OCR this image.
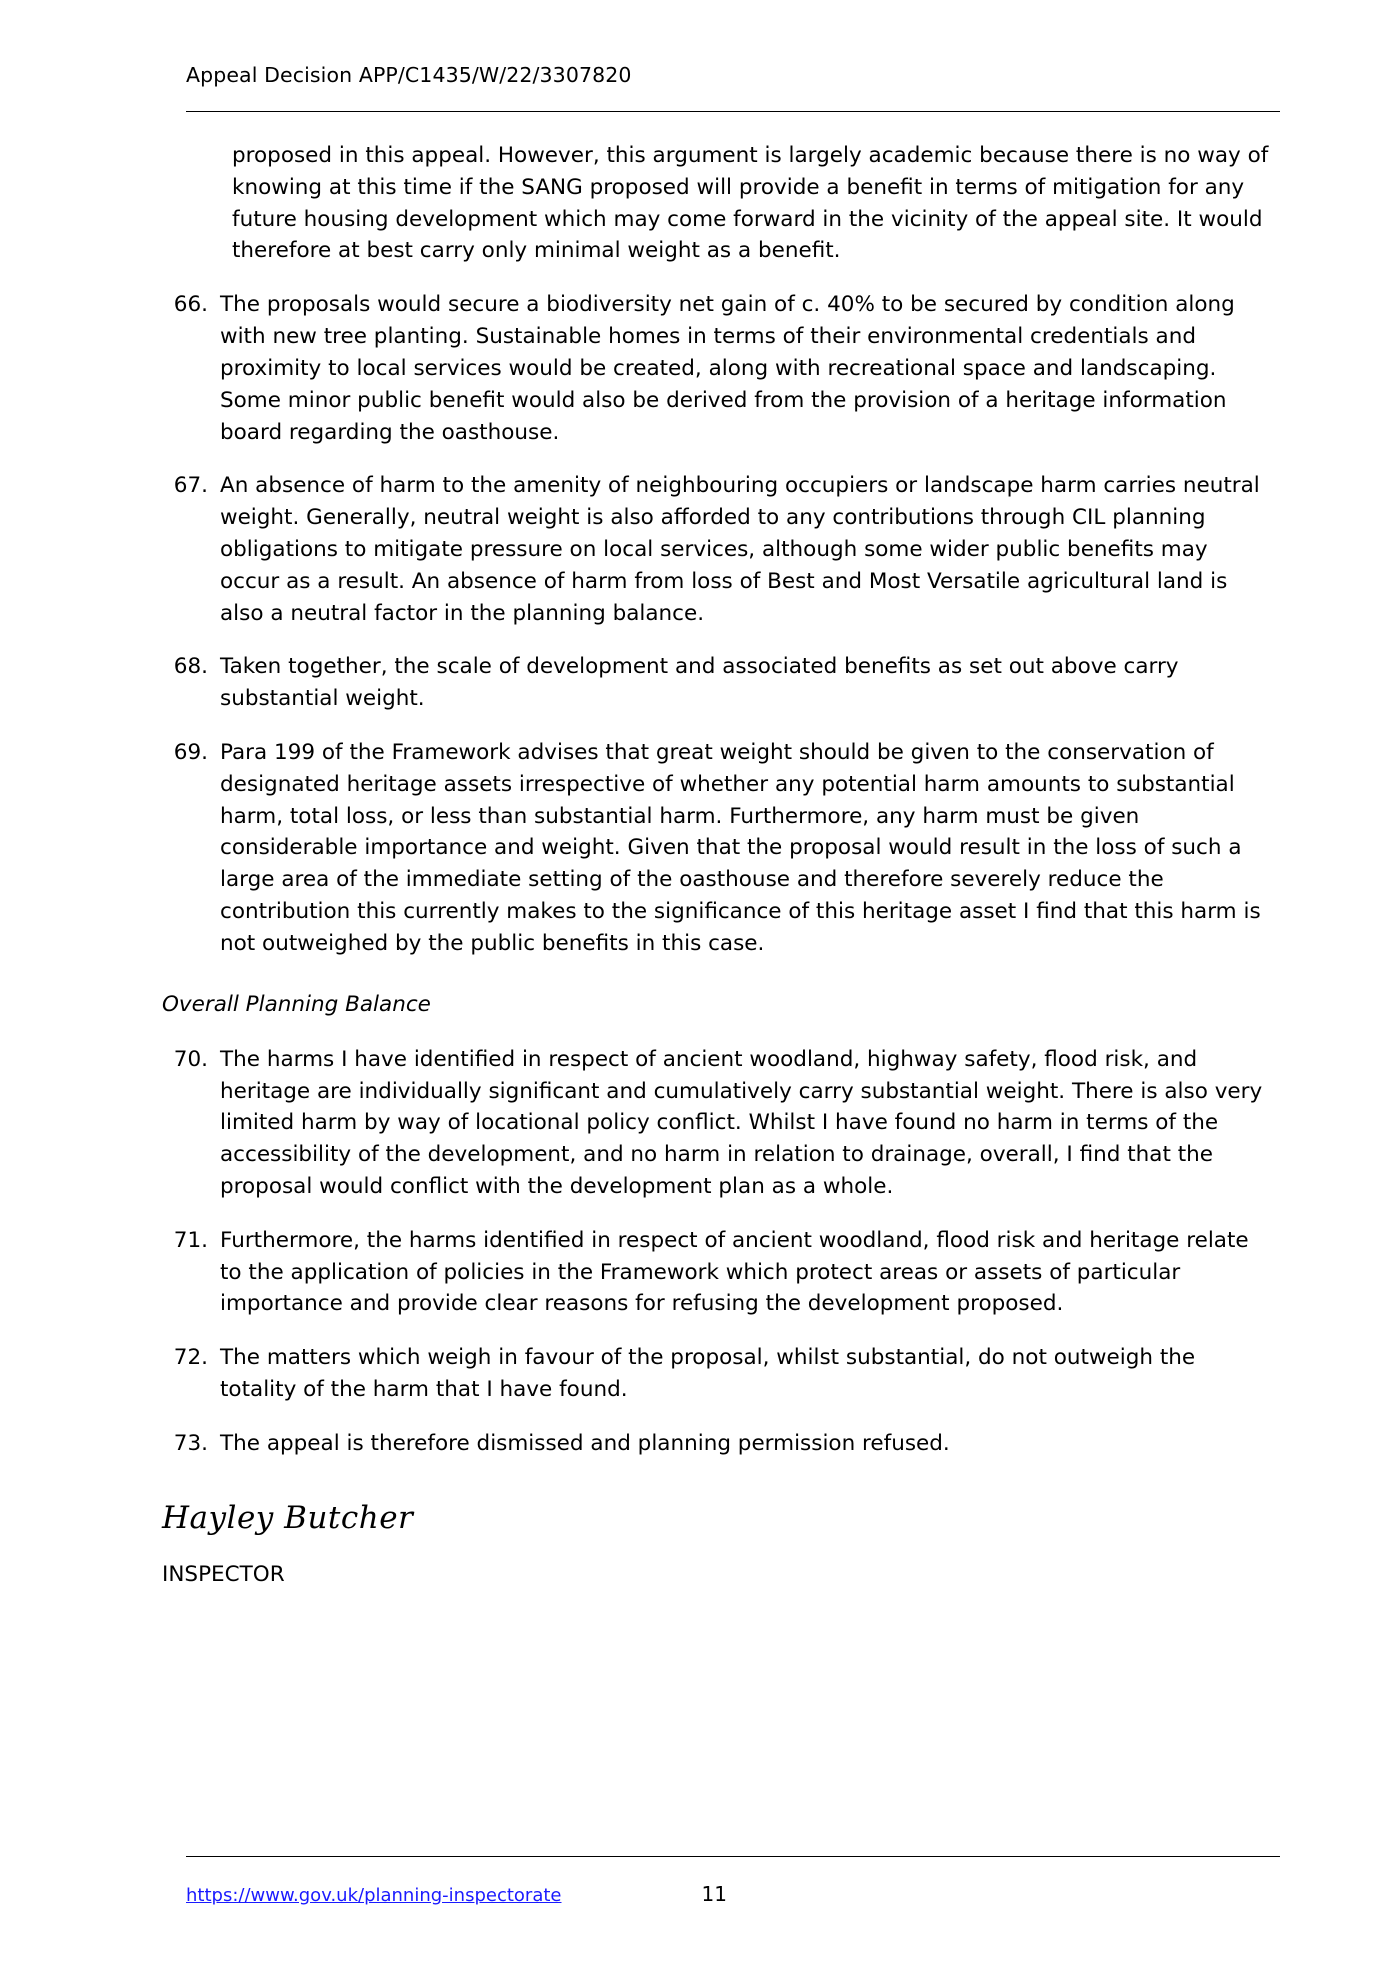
Appeal Decision APP/C1435/W/22/3307820
proposed in this appeal. However, this argument is largely academic because there is no way of knowing at this time if the SANG proposed will provide a benefit in terms of mitigation for any future housing development which may come forward in the vicinity of the appeal site. It would therefore at best carry only minimal weight as a benefit.
66. The proposals would secure a biodiversity net gain of c. 40% to be secured by condition along with new tree planting. Sustainable homes in terms of their environmental credentials and proximity to local services would be created, along with recreational space and landscaping. Some minor public benefit would also be derived from the provision of a heritage information board regarding the oasthouse.
67. An absence of harm to the amenity of neighbouring occupiers or landscape harm carries neutral weight. Generally, neutral weight is also afforded to any contributions through CIL planning obligations to mitigate pressure on local services, although some wider public benefits may occur as a result. An absence of harm from loss of Best and Most Versatile agricultural land is also a neutral factor in the planning balance.
68. Taken together, the scale of development and associated benefits as set out above carry substantial weight.
69. Para 199 of the Framework advises that great weight should be given to the conservation of designated heritage assets irrespective of whether any potential harm amounts to substantial harm, total loss, or less than substantial harm. Furthermore, any harm must be given considerable importance and weight. Given that the proposal would result in the loss of such a large area of the immediate setting of the oasthouse and therefore severely reduce the contribution this currently makes to the significance of this heritage asset I find that this harm is not outweighed by the public benefits in this case.
Overall Planning Balance
70. The harms I have identified in respect of ancient woodland, highway safety, flood risk, and heritage are individually significant and cumulatively carry substantial weight. There is also very limited harm by way of locational policy conflict. Whilst I have found no harm in terms of the accessibility of the development, and no harm in relation to drainage, overall, I find that the proposal would conflict with the development plan as a whole.
71. Furthermore, the harms identified in respect of ancient woodland, flood risk and heritage relate to the application of policies in the Framework which protect areas or assets of particular importance and provide clear reasons for refusing the development proposed.
72. The matters which weigh in favour of the proposal, whilst substantial, do not outweigh the totality of the harm that I have found.
73. The appeal is therefore dismissed and planning permission refused.
Hayley Butcher
INSPECTOR
https://www.gov.uk/planning-inspectorate	11
